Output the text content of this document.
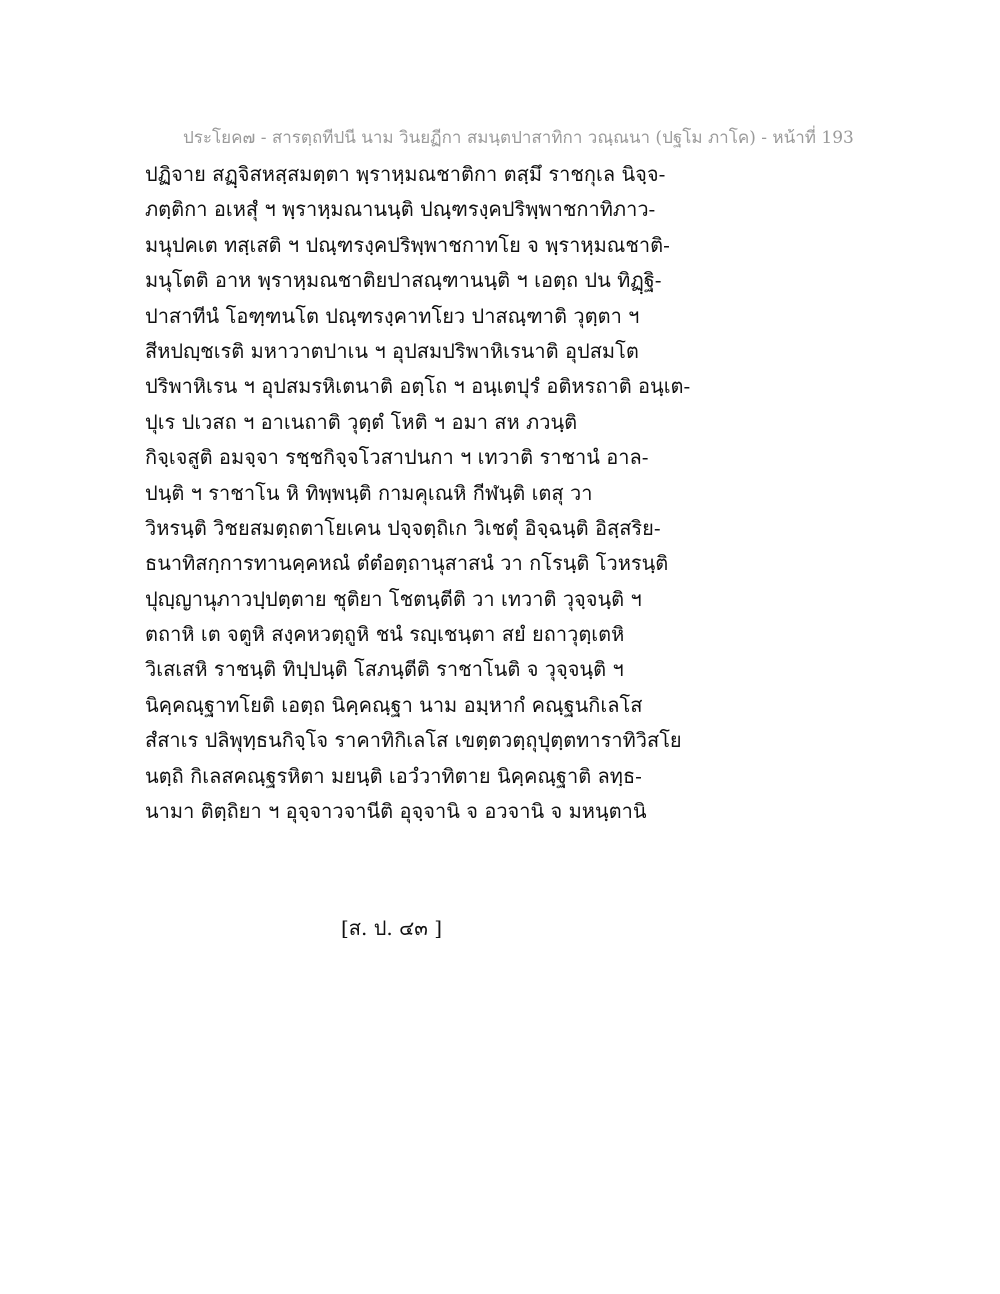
ประโยค๗ - สารตฺถทีปนี นาม วินยฏีกา สมนฺตปาสาทิกา วณฺณนา (ปฐโม ภาโค) - หน้าที่ 193
ปฏิจาย สฏฺจิสหสฺสมตฺตา พฺราหฺมณชาติกา ตสฺมึ ราชกุเล นิจฺจ-
ภตฺติกา อเหสุํ ฯ พฺราหฺมณานนฺติ ปณฺฑรงฺคปริพฺพาชกาทิภาว-
มนุปคเต ทสฺเสติ ฯ ปณฺฑรงฺคปริพฺพาชกาทโย จ พฺราหฺมณชาติ-
มนุโตติ อาห พฺราหฺมณชาติยปาสณฺฑานนฺติ ฯ เอตฺถ ปน ทิฏฺฐิ-
ปาสาทีนํ โอฑฺฑนโต ปณฺฑรงฺคาทโยว ปาสณฺฑาติ วุตฺตา ฯ
สีหปญฺชเรติ มหาวาตปาเน ฯ อุปสมปริพาหิเรนาติ อุปสมโต
ปริพาหิเรน ฯ อุปสมรหิเตนาติ อตฺโถ ฯ อนฺเตปุรํ อติหรถาติ อนฺเต-
ปุเร ปเวสถ ฯ อาเนถาติ วุตฺตํ โหติ ฯ อมา สห ภวนฺติ
กิจฺเจสูติ อมจฺจา รชฺชกิจฺจโวสาปนกา ฯ เทวาติ ราชานํ อาล-
ปนฺติ ฯ ราชาโน หิ ทิพฺพนฺติ กามคุเณหิ กีฬนฺติ เตสุ วา
วิหรนฺติ วิชยสมตฺถตาโยเคน ปจฺจตฺถิเก วิเชตุํ อิจฺฉนฺติ อิสฺสริย-
ธนาทิสกฺการทานคฺคหณํ ตํตํอตฺถานุสาสนํ วา กโรนฺติ โวหรนฺติ
ปุญฺญานุภาวปฺปตฺตาย ชุติยา โชตนฺตีติ วา เทวาติ วุจฺจนฺติ ฯ
ตถาหิ เต จตูหิ สงฺคหวตฺถูหิ ชนํ รญฺเชนฺตา สยํ ยถาวุตฺเตหิ
วิเสเสหิ ราชนฺติ ทิปฺปนฺติ โสภนฺตีติ ราชาโนติ จ วุจฺจนฺติ ฯ
นิคฺคณฺฐาทโยติ เอตฺถ นิคฺคณฺฐา นาม อมฺหากํ คณฺฐนกิเลโส
สํสาเร ปลิพุทฺธนกิจฺโจ ราคาทิกิเลโส เขตฺตวตฺถุปุตฺตทาราทิวิสโย
นตฺถิ กิเลสคณฺฐรหิตา มยนฺติ เอวํวาทิตาย นิคฺคณฺฐาติ ลทฺธ-
นามา ติตฺถิยา ฯ อุจฺจาวจานีติ อุจฺจานิ จ อวจานิ จ มหนฺตานิ
[ส. ป. ๔๓ ]
